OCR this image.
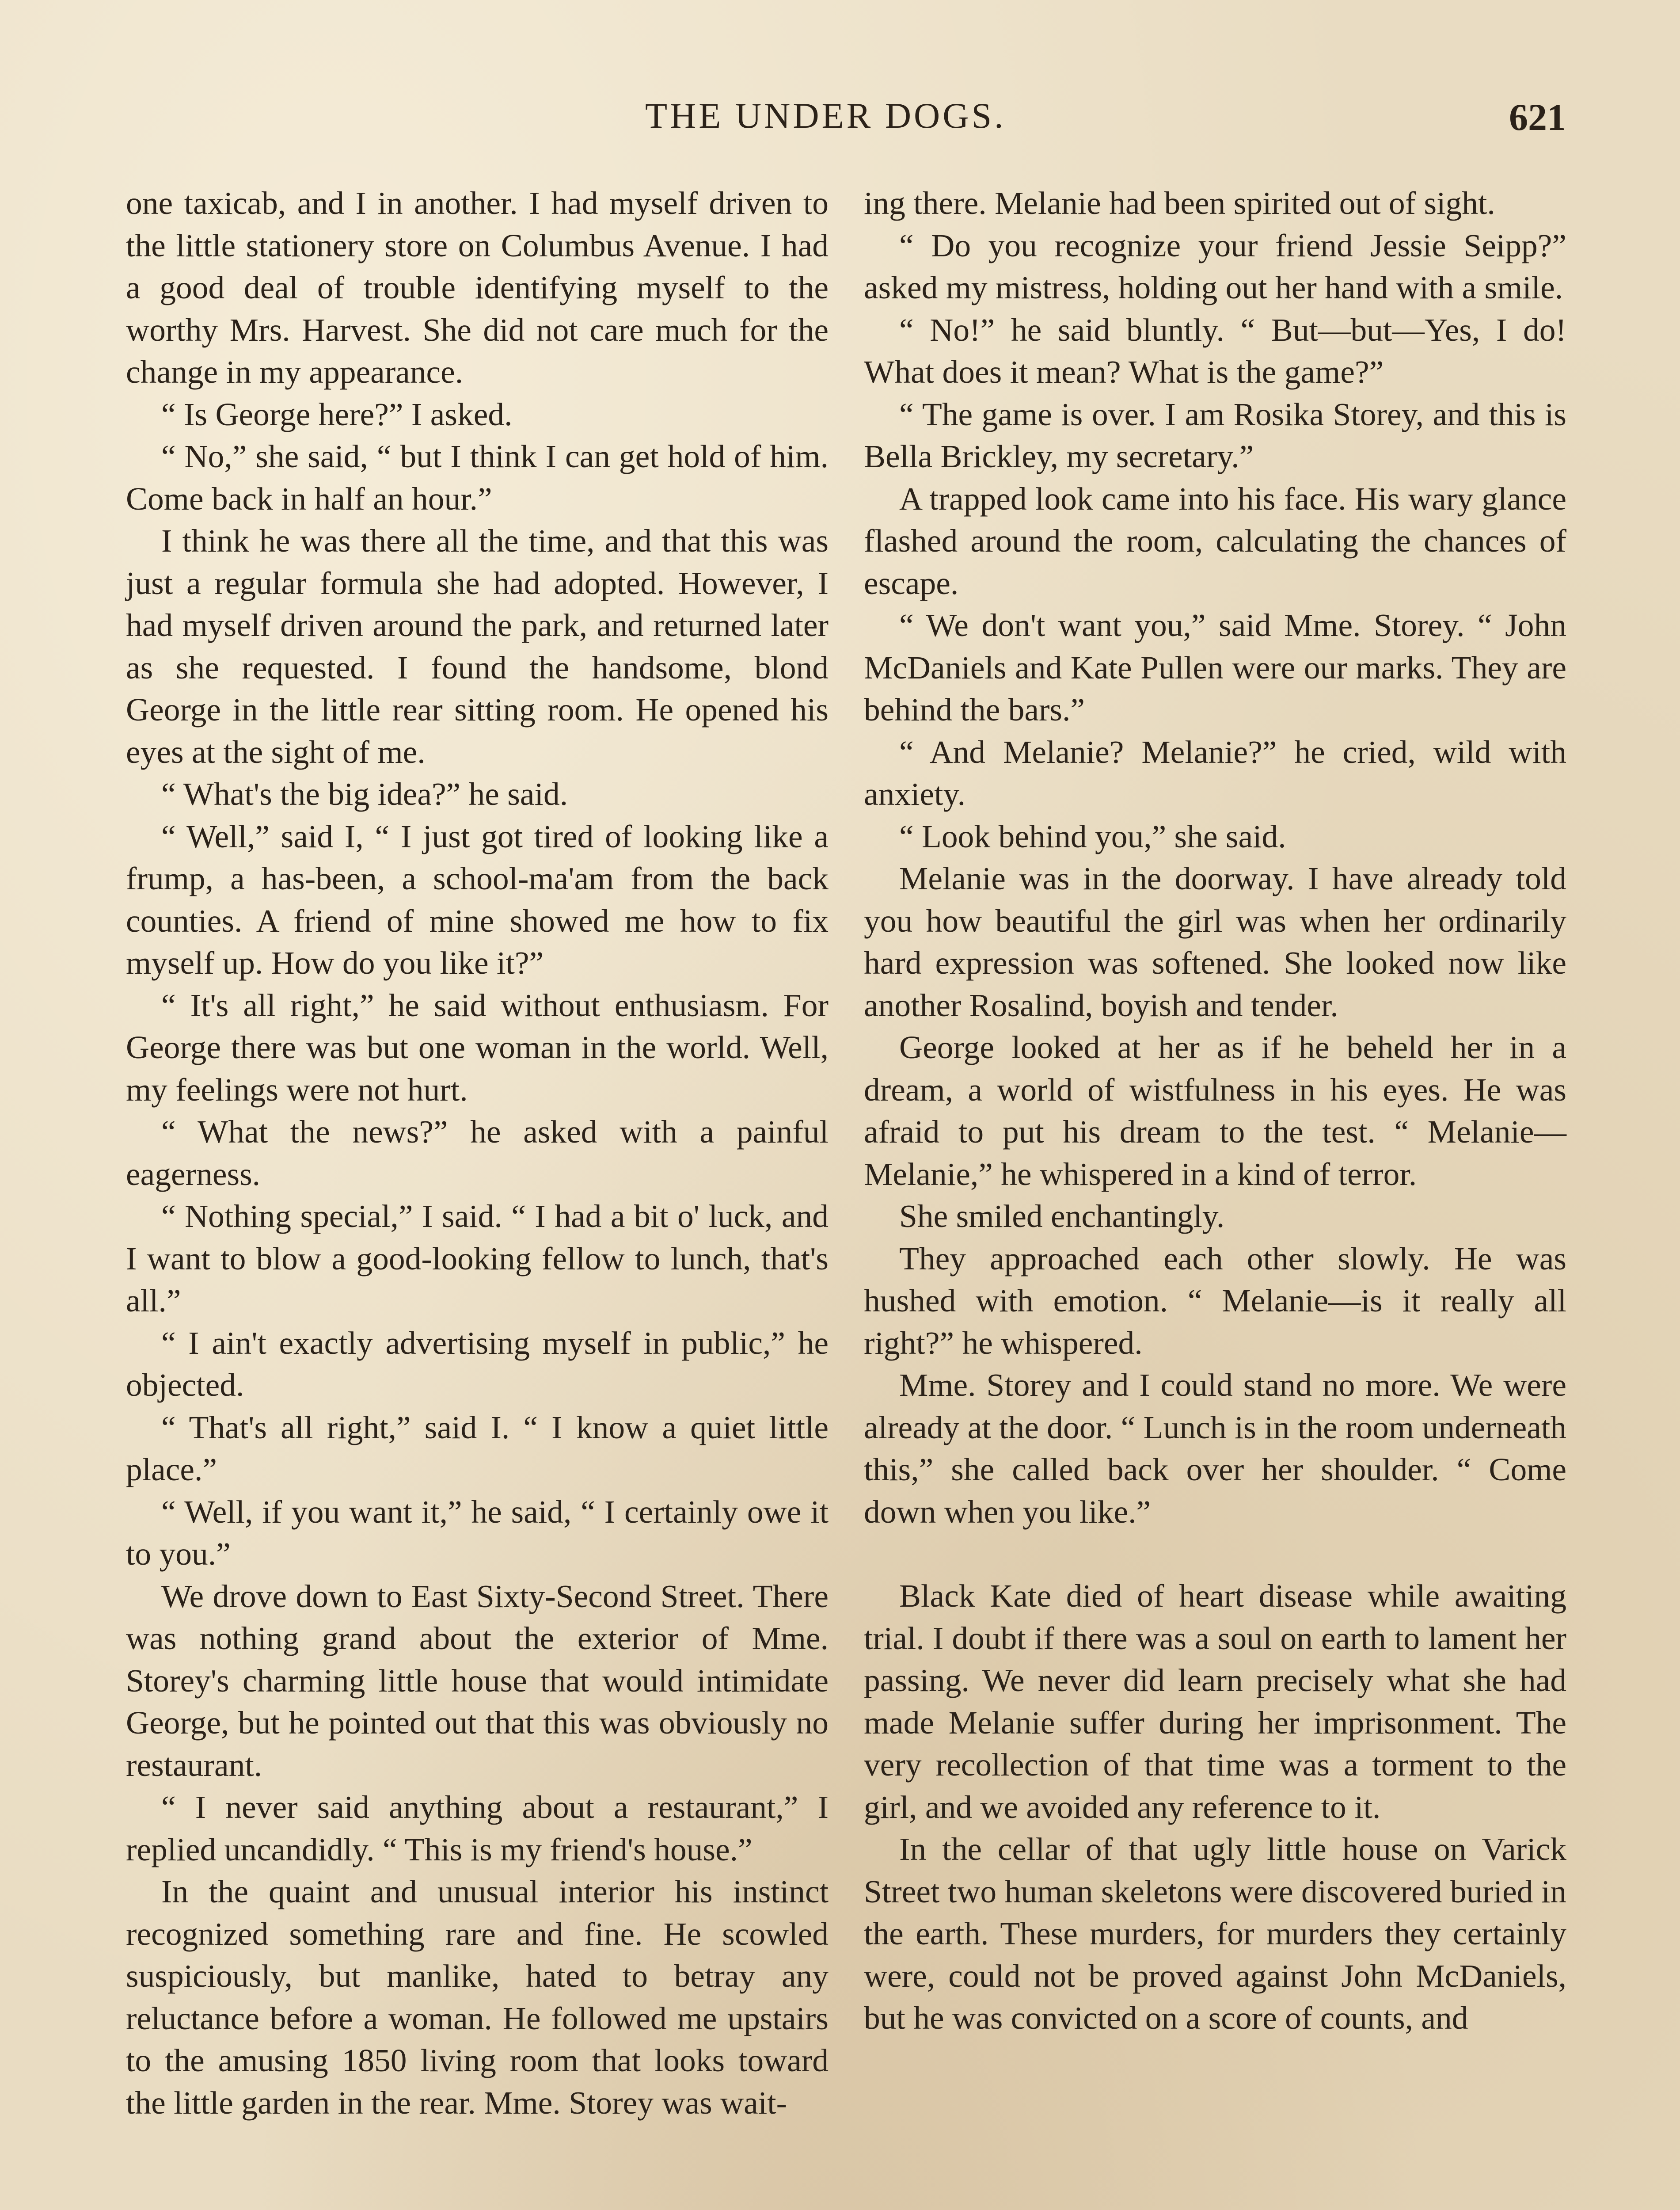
THE UNDER DOGS.	621

one taxicab, and I in another. I had myself driven to the little stationery store on Columbus Avenue. I had a good deal of trouble identifying myself to the worthy Mrs. Harvest. She did not care much for the change in my appearance.

“ Is George here?” I asked.

“ No,” she said, “ but I think I can get hold of him. Come back in half an hour.”

I think he was there all the time, and that this was just a regular formula she had adopted. However, I had myself driven around the park, and returned later as she requested. I found the handsome, blond George in the little rear sitting room. He opened his eyes at the sight of me.

“ What's the big idea?” he said.

“ Well,” said I, “ I just got tired of looking like a frump, a has-been, a school-ma'am from the back counties. A friend of mine showed me how to fix myself up. How do you like it?”

“ It's all right,” he said without enthusiasm. For George there was but one woman in the world. Well, my feelings were not hurt.

“ What the news?” he asked with a painful eagerness.

“ Nothing special,” I said. “ I had a bit o' luck, and I want to blow a good-looking fellow to lunch, that's all.”

“ I ain't exactly advertising myself in public,” he objected.

“ That's all right,” said I. “ I know a quiet little place.”

“ Well, if you want it,” he said, “ I certainly owe it to you.”

We drove down to East Sixty-Second Street. There was nothing grand about the exterior of Mme. Storey's charming little house that would intimidate George, but he pointed out that this was obviously no restaurant.

“ I never said anything about a restaurant,” I replied uncandidly. “ This is my friend's house.”

In the quaint and unusual interior his instinct recognized something rare and fine. He scowled suspiciously, but manlike, hated to betray any reluctance before a woman. He followed me upstairs to the amusing 1850 living room that looks toward the little garden in the rear. Mme. Storey was wait-

ing there. Melanie had been spirited out of sight.

“ Do you recognize your friend Jessie Seipp?” asked my mistress, holding out her hand with a smile.

“ No!” he said bluntly. “ But—but—Yes, I do! What does it mean? What is the game?”

“ The game is over. I am Rosika Storey, and this is Bella Brickley, my secretary.”

A trapped look came into his face. His wary glance flashed around the room, calculating the chances of escape.

“ We don't want you,” said Mme. Storey. “ John McDaniels and Kate Pullen were our marks. They are behind the bars.”

“ And Melanie? Melanie?” he cried, wild with anxiety.

“ Look behind you,” she said.

Melanie was in the doorway. I have already told you how beautiful the girl was when her ordinarily hard expression was softened. She looked now like another Rosalind, boyish and tender.

George looked at her as if he beheld her in a dream, a world of wistfulness in his eyes. He was afraid to put his dream to the test. “ Melanie—Melanie,” he whispered in a kind of terror.

She smiled enchantingly.

They approached each other slowly. He was hushed with emotion. “ Melanie—is it really all right?” he whispered.

Mme. Storey and I could stand no more. We were already at the door. “ Lunch is in the room underneath this,” she called back over her shoulder. “ Come down when you like.”

Black Kate died of heart disease while awaiting trial. I doubt if there was a soul on earth to lament her passing. We never did learn precisely what she had made Melanie suffer during her imprisonment. The very recollection of that time was a torment to the girl, and we avoided any reference to it.

In the cellar of that ugly little house on Varick Street two human skeletons were discovered buried in the earth. These murders, for murders they certainly were, could not be proved against John McDaniels, but he was convicted on a score of counts, and
